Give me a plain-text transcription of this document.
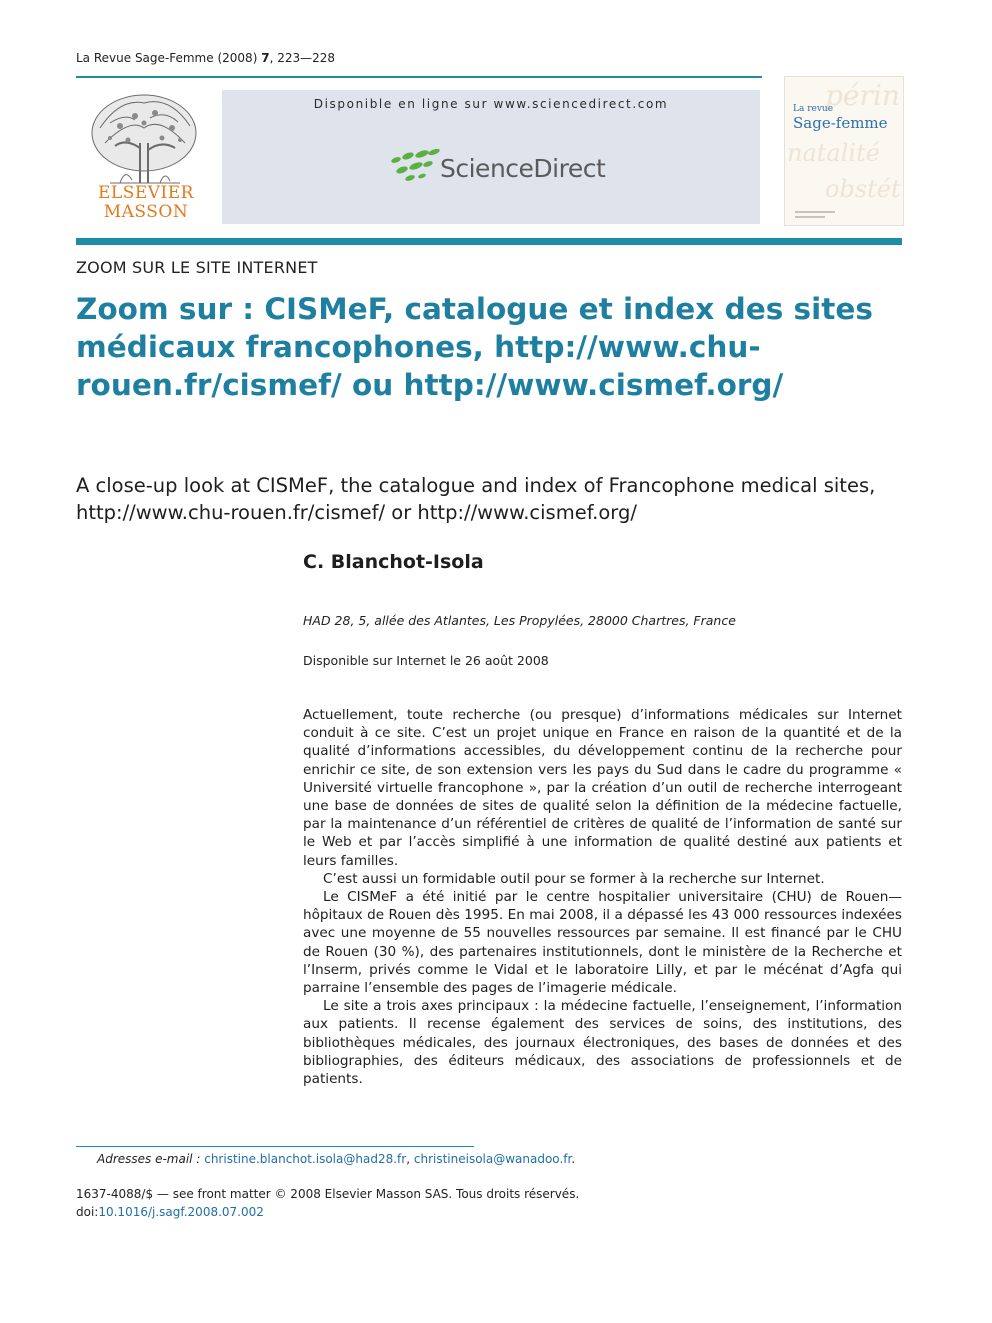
La Revue Sage-Femme (2008) 7, 223—228
ELSEVIER
MASSON
Disponible en ligne sur www.sciencedirect.com
ScienceDirect
périn
natalité
obstét
La revue
Sage-femme
ZOOM SUR LE SITE INTERNET
Zoom sur : CISMeF, catalogue et index des sites médicaux francophones, http://www.chu-rouen.fr/cismef/ ou http://www.cismef.org/
A close-up look at CISMeF, the catalogue and index of Francophone medical sites, http://www.chu-rouen.fr/cismef/ or http://www.cismef.org/
C. Blanchot-Isola
HAD 28, 5, allée des Atlantes, Les Propylées, 28000 Chartres, France
Disponible sur Internet le 26 août 2008

Actuellement, toute recherche (ou presque) d’informations médicales sur Internet conduit à ce site. C’est un projet unique en France en raison de la quantité et de la qualité d’informations accessibles, du développement continu de la recherche pour enrichir ce site, de son extension vers les pays du Sud dans le cadre du programme « Université virtuelle francophone », par la création d’un outil de recherche interrogeant une base de données de sites de qualité selon la définition de la médecine factuelle, par la maintenance d’un référentiel de critères de qualité de l’information de santé sur le Web et par l’accès simplifié à une information de qualité destiné aux patients et leurs familles.

C’est aussi un formidable outil pour se former à la recherche sur Internet.

Le CISMeF a été initié par le centre hospitalier universitaire (CHU) de Rouen—hôpitaux de Rouen dès 1995. En mai 2008, il a dépassé les 43 000 ressources indexées avec une moyenne de 55 nouvelles ressources par semaine. Il est financé par le CHU de Rouen (30 %), des partenaires institutionnels, dont le ministère de la Recherche et l’Inserm, privés comme le Vidal et le laboratoire Lilly, et par le mécénat d’Agfa qui parraine l’ensemble des pages de l’imagerie médicale.

Le site a trois axes principaux : la médecine factuelle, l’enseignement, l’information aux patients. Il recense également des services de soins, des institutions, des bibliothèques médicales, des journaux électroniques, des bases de données et des bibliographies, des éditeurs médicaux, des associations de professionnels et de patients.

Adresses e-mail : christine.blanchot.isola@had28.fr, christineisola@wanadoo.fr.
1637-4088/$ — see front matter © 2008 Elsevier Masson SAS. Tous droits réservés.
doi:10.1016/j.sagf.2008.07.002
